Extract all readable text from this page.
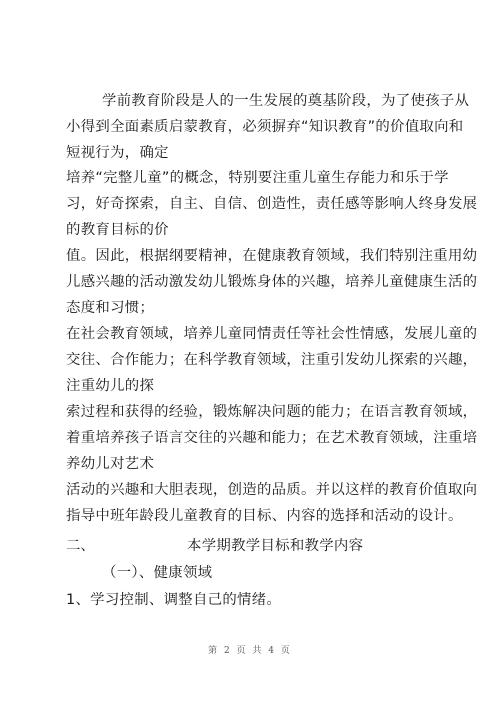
学前教育阶段是人的一生发展的奠基阶段，为了使孩子从
小得到全面素质启蒙教育，必须摒弃“知识教育”的价值取向和
短视行为，确定
培养“完整儿童”的概念，特别要注重儿童生存能力和乐于学
习，好奇探索，自主、自信、创造性，责任感等影响人终身发展
的教育目标的价
值。因此，根据纲要精神，在健康教育领域，我们特别注重用幼
儿感兴趣的活动激发幼儿锻炼身体的兴趣，培养儿童健康生活的
态度和习惯；
在社会教育领域，培养儿童同情责任等社会性情感，发展儿童的
交往、合作能力；在科学教育领域，注重引发幼儿探索的兴趣，
注重幼儿的探
索过程和获得的经验，锻炼解决问题的能力；在语言教育领域，
着重培养孩子语言交往的兴趣和能力；在艺术教育领域，注重培
养幼儿对艺术
活动的兴趣和大胆表现，创造的品质。并以这样的教育价值取向
指导中班年龄段儿童教育的目标、内容的选择和活动的设计。
二、	本学期教学目标和教学内容
（一）、健康领域
1、学习控制、调整自己的情绪。
第 2 页 共 4 页
